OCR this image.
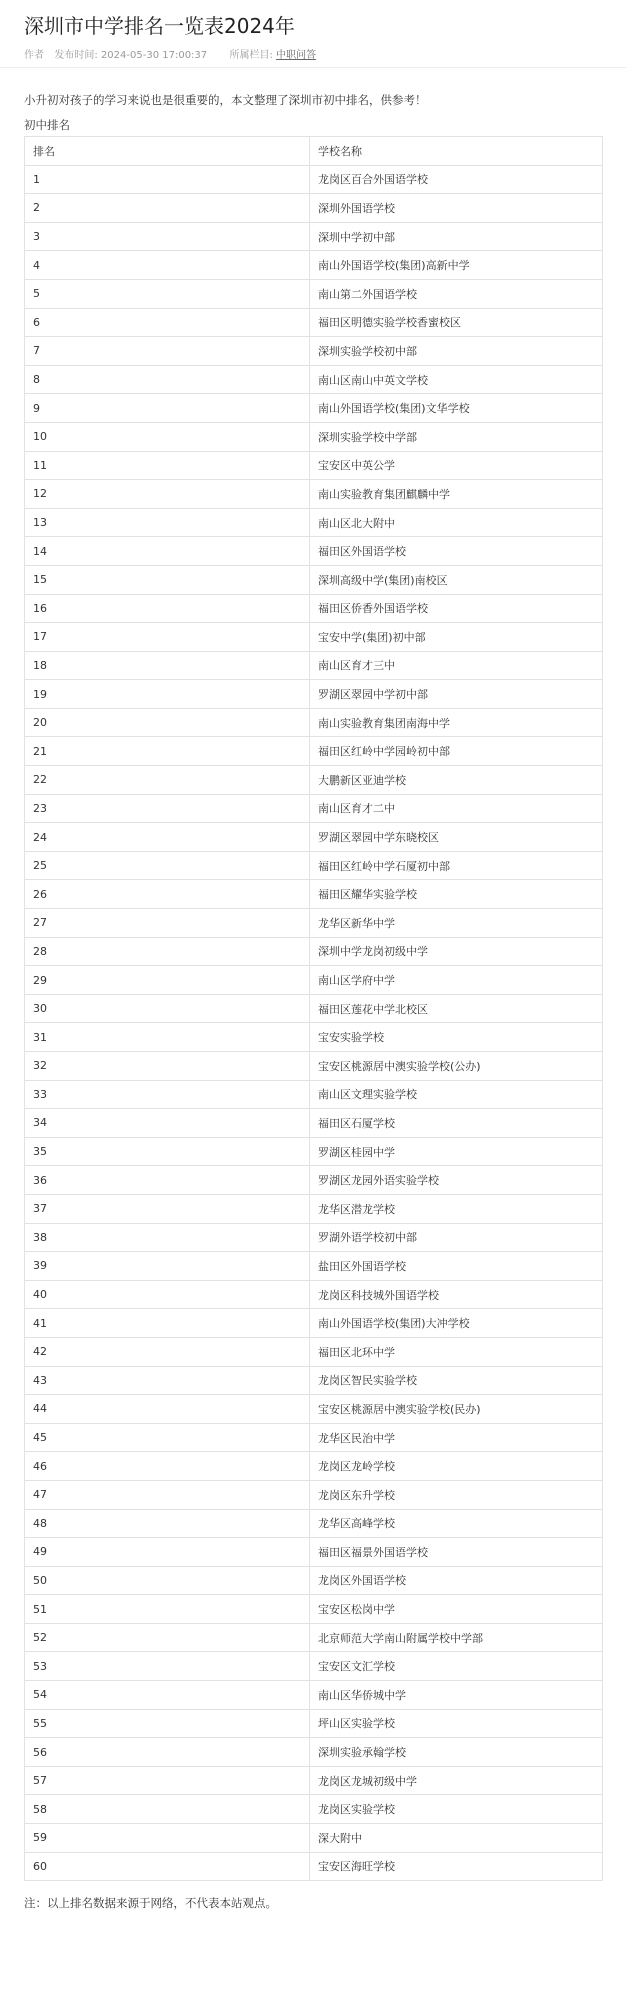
深圳市中学排名一览表2024年
作者 发布时间: 2024-05-30 17:00:37 所属栏目: 中职问答

小升初对孩子的学习来说也是很重要的，本文整理了深圳市初中排名，供参考！

初中排名

排名	学校名称
1	龙岗区百合外国语学校
2	深圳外国语学校
3	深圳中学初中部
4	南山外国语学校(集团)高新中学
5	南山第二外国语学校
6	福田区明德实验学校香蜜校区
7	深圳实验学校初中部
8	南山区南山中英文学校
9	南山外国语学校(集团)文华学校
10	深圳实验学校中学部
11	宝安区中英公学
12	南山实验教育集团麒麟中学
13	南山区北大附中
14	福田区外国语学校
15	深圳高级中学(集团)南校区
16	福田区侨香外国语学校
17	宝安中学(集团)初中部
18	南山区育才三中
19	罗湖区翠园中学初中部
20	南山实验教育集团南海中学
21	福田区红岭中学园岭初中部
22	大鹏新区亚迪学校
23	南山区育才二中
24	罗湖区翠园中学东晓校区
25	福田区红岭中学石厦初中部
26	福田区耀华实验学校
27	龙华区新华中学
28	深圳中学龙岗初级中学
29	南山区学府中学
30	福田区莲花中学北校区
31	宝安实验学校
32	宝安区桃源居中澳实验学校(公办)
33	南山区文理实验学校
34	福田区石厦学校
35	罗湖区桂园中学
36	罗湖区龙园外语实验学校
37	龙华区潜龙学校
38	罗湖外语学校初中部
39	盐田区外国语学校
40	龙岗区科技城外国语学校
41	南山外国语学校(集团)大冲学校
42	福田区北环中学
43	龙岗区智民实验学校
44	宝安区桃源居中澳实验学校(民办)
45	龙华区民治中学
46	龙岗区龙岭学校
47	龙岗区东升学校
48	龙华区高峰学校
49	福田区福景外国语学校
50	龙岗区外国语学校
51	宝安区松岗中学
52	北京师范大学南山附属学校中学部
53	宝安区文汇学校
54	南山区华侨城中学
55	坪山区实验学校
56	深圳实验承翰学校
57	龙岗区龙城初级中学
58	龙岗区实验学校
59	深大附中
60	宝安区海旺学校

注：以上排名数据来源于网络，不代表本站观点。
